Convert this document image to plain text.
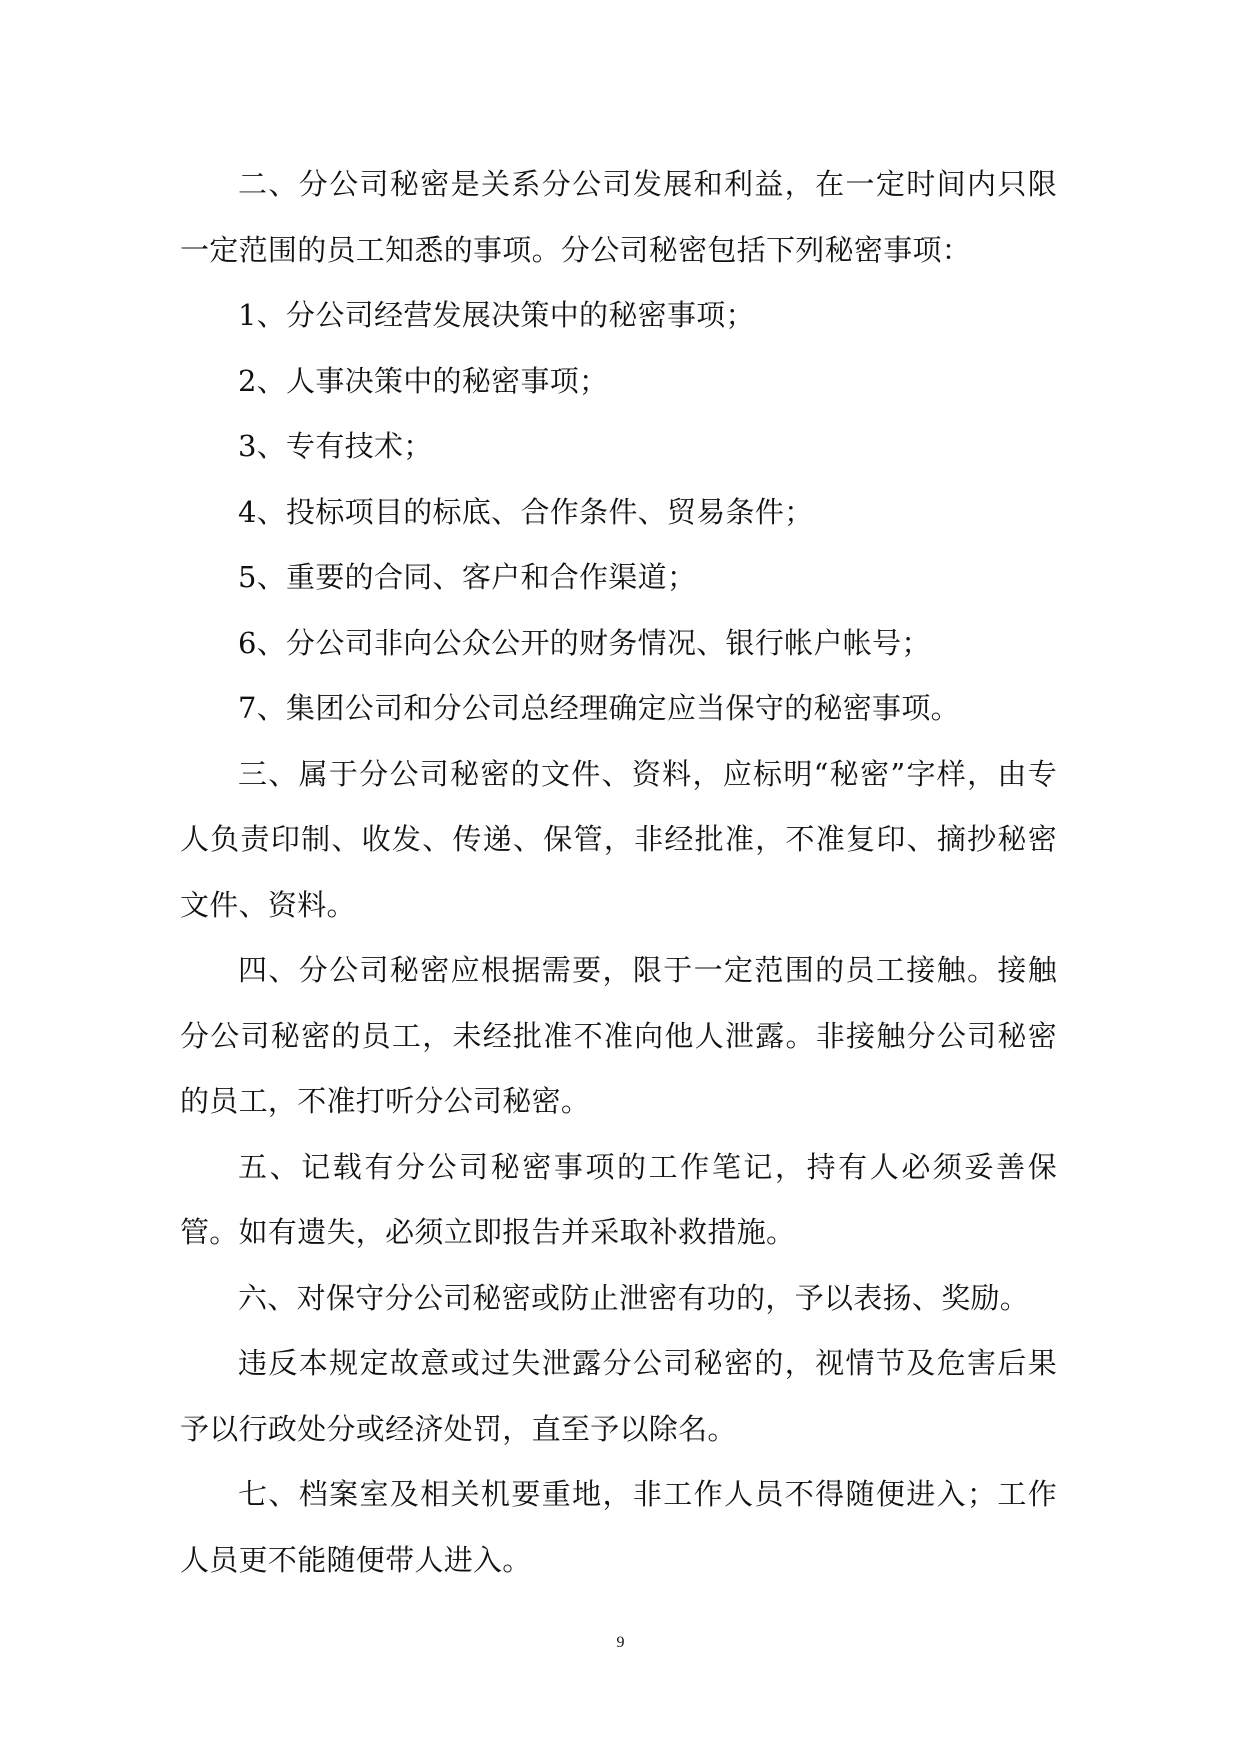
二、分公司秘密是关系分公司发展和利益，在一定时间内只限一定范围的员工知悉的事项。分公司秘密包括下列秘密事项：

1、分公司经营发展决策中的秘密事项；

2、人事决策中的秘密事项；

3、专有技术；

4、投标项目的标底、合作条件、贸易条件；

5、重要的合同、客户和合作渠道；

6、分公司非向公众公开的财务情况、银行帐户帐号；

7、集团公司和分公司总经理确定应当保守的秘密事项。

三、属于分公司秘密的文件、资料，应标明“秘密”字样，由专人负责印制、收发、传递、保管，非经批准，不准复印、摘抄秘密文件、资料。

四、分公司秘密应根据需要，限于一定范围的员工接触。接触分公司秘密的员工，未经批准不准向他人泄露。非接触分公司秘密的员工，不准打听分公司秘密。

五、记载有分公司秘密事项的工作笔记，持有人必须妥善保管。如有遗失，必须立即报告并采取补救措施。

六、对保守分公司秘密或防止泄密有功的，予以表扬、奖励。

违反本规定故意或过失泄露分公司秘密的，视情节及危害后果予以行政处分或经济处罚，直至予以除名。

七、档案室及相关机要重地，非工作人员不得随便进入；工作人员更不能随便带人进入。

9
